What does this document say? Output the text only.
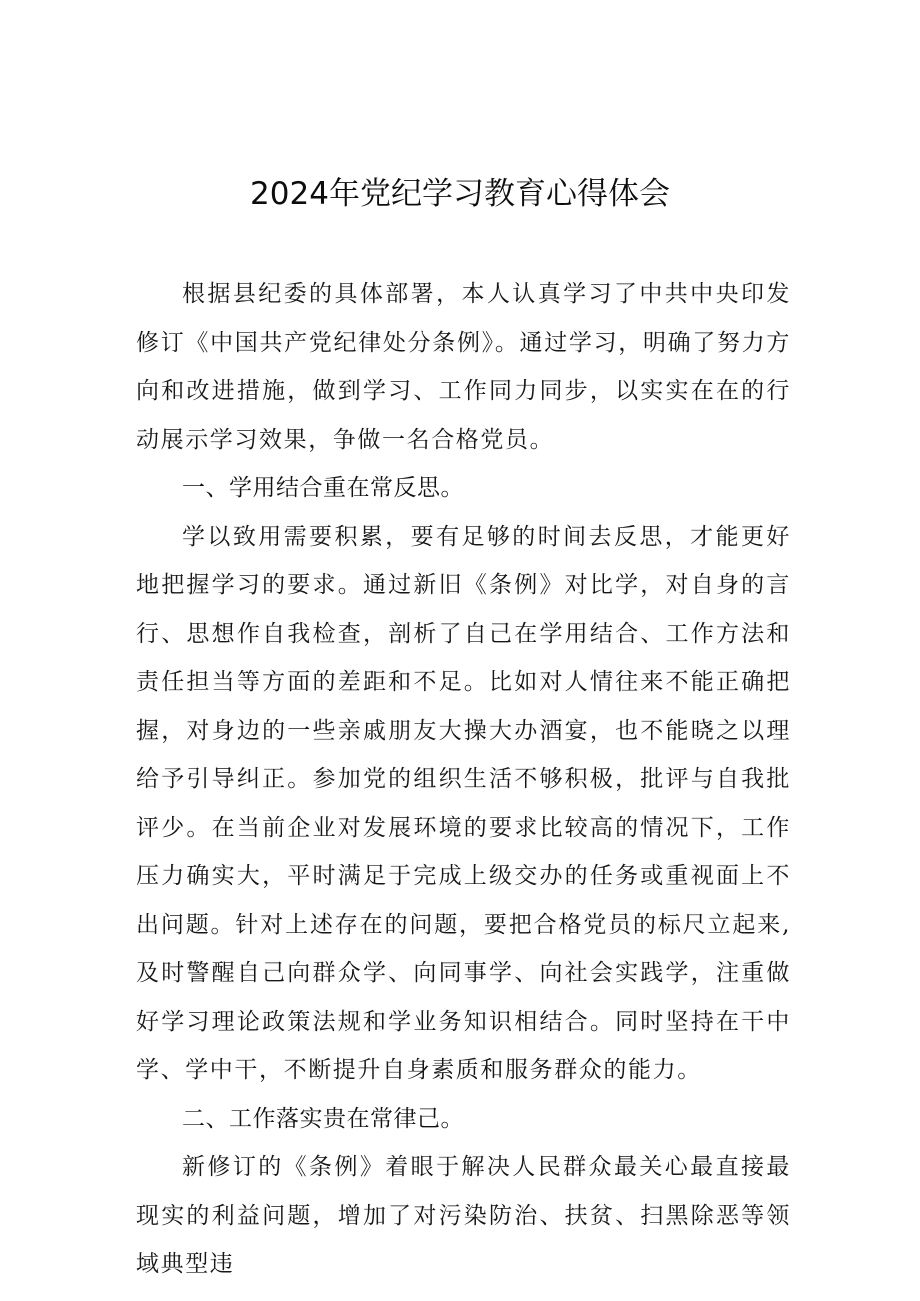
2024年党纪学习教育心得体会

根据县纪委的具体部署，本人认真学习了中共中央印发修订《中国共产党纪律处分条例》。通过学习，明确了努力方向和改进措施，做到学习、工作同力同步，以实实在在的行动展示学习效果，争做一名合格党员。

一、学用结合重在常反思。

学以致用需要积累，要有足够的时间去反思，才能更好地把握学习的要求。通过新旧《条例》对比学，对自身的言行、思想作自我检查，剖析了自己在学用结合、工作方法和责任担当等方面的差距和不足。比如对人情往来不能正确把握，对身边的一些亲戚朋友大操大办酒宴，也不能晓之以理给予引导纠正。参加党的组织生活不够积极，批评与自我批评少。在当前企业对发展环境的要求比较高的情况下，工作压力确实大，平时满足于完成上级交办的任务或重视面上不出问题。针对上述存在的问题，要把合格党员的标尺立起来,及时警醒自己向群众学、向同事学、向社会实践学，注重做好学习理论政策法规和学业务知识相结合。同时坚持在干中学、学中干，不断提升自身素质和服务群众的能力。

二、工作落实贵在常律己。

新修订的《条例》着眼于解决人民群众最关心最直接最现实的利益问题，增加了对污染防治、扶贫、扫黑除恶等领域典型违
